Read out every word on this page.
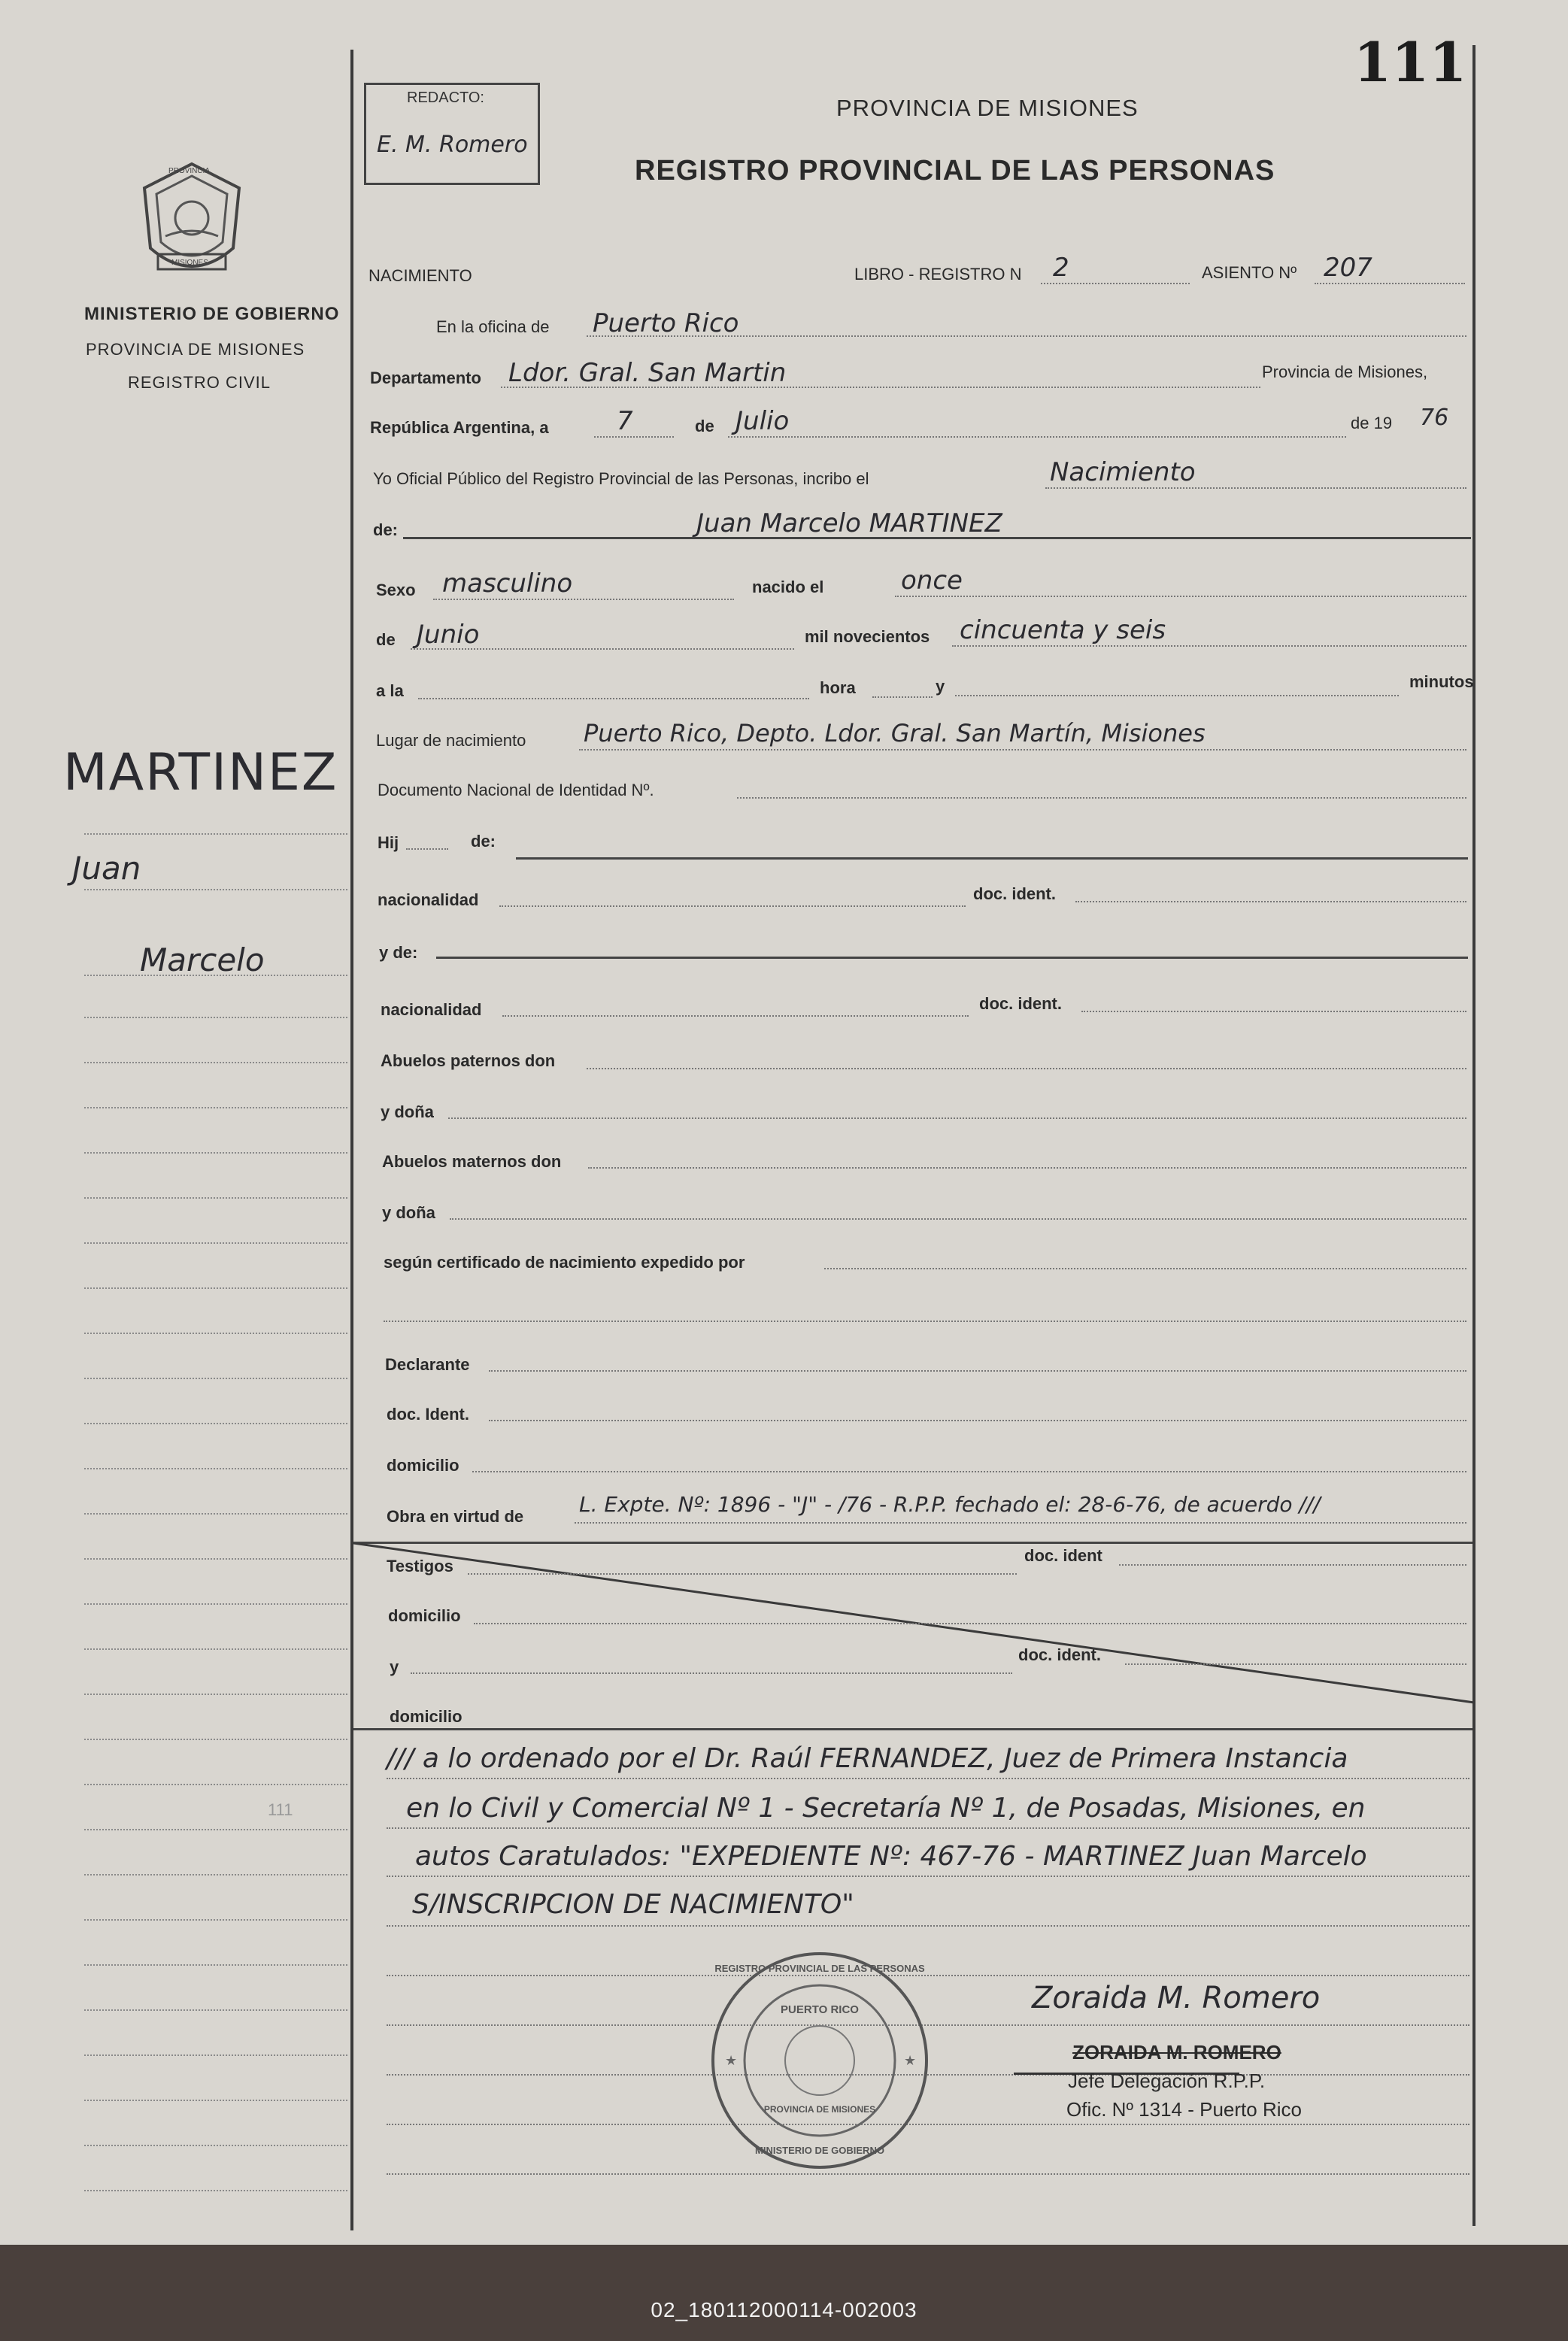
111
REDACTO:
E. M. Romero
PROVINCIA DE MISIONES
REGISTRO PROVINCIAL DE LAS PERSONAS
PROVINCIA
MISIONES
MINISTERIO DE GOBIERNO
PROVINCIA DE MISIONES
REGISTRO CIVIL
MARTINEZ
Juan
Marcelo
111
NACIMIENTO	LIBRO - REGISTRO N 2	ASIENTO Nº 207
En la oficina de Puerto Rico
Departamento Ldor. Gral. San Martin	Provincia de Misiones,
República Argentina, a	7	de Julio	de 19 76
Yo Oficial Público del Registro Provincial de las Personas, incribo el	Nacimiento
de:	Juan Marcelo MARTINEZ
Sexo masculino	nacido el	once
de Junio	mil novecientos cincuenta y seis
a la	hora	y	minutos
Lugar de nacimiento Puerto Rico, Depto. Ldor. Gral. San Martín, Misiones
Documento Nacional de Identidad Nº.
Hij	de:
nacionalidad	doc. ident.
y de:
nacionalidad	doc. ident.
Abuelos paternos don
y doña
Abuelos maternos don
y doña
según certificado de nacimiento expedido por
Declarante
doc. Ident.
domicilio
Obra en virtud de	L. Expte. Nº: 1896 - "J" - /76 - R.P.P. fechado el: 28-6-76, de acuerdo ///
Testigos
doc. ident
domicilio
y
doc. ident.
domicilio
/// a lo ordenado por el Dr. Raúl FERNANDEZ, Juez de Primera Instancia
en lo Civil y Comercial Nº 1 - Secretaría Nº 1, de Posadas, Misiones, en
autos Caratulados: "EXPEDIENTE Nº: 467-76 - MARTINEZ Juan Marcelo
S/INSCRIPCION DE NACIMIENTO"
★	★
REGISTRO PROVINCIAL DE LAS PERSONAS
PUERTO RICO
PROVINCIA DE MISIONES
MINISTERIO DE GOBIERNO
Zoraida M. Romero
ZORAIDA M. ROMERO
Jefe Delegación R.P.P.
Ofic. Nº 1314 - Puerto Rico
02_180112000114-002003
